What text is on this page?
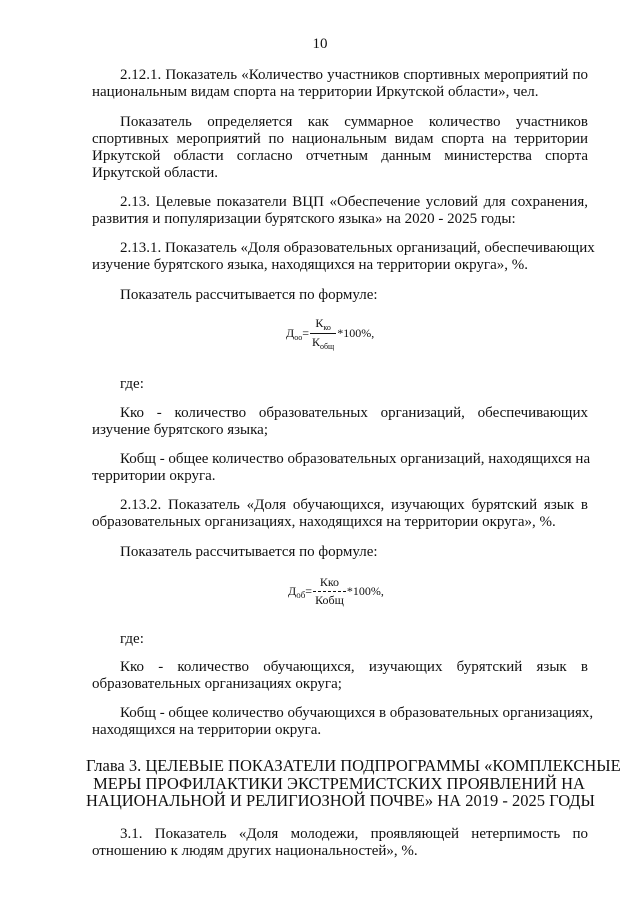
10
2.12.1. Показатель «Количество участников спортивных мероприятий по
национальным видам спорта на территории Иркутской области», чел.
Показатель определяется как суммарное количество участников
спортивных мероприятий по национальным видам спорта на территории
Иркутской области согласно отчетным данным министерства спорта
Иркутской области.
2.13. Целевые показатели ВЦП «Обеспечение условий для сохранения,
развития и популяризации бурятского языка» на 2020 - 2025 годы:
2.13.1. Показатель «Доля образовательных организаций, обеспечивающих
изучение бурятского языка, находящихся на территории округа», %.
Показатель рассчитывается по формуле:
$Д_{оо}= \frac{К_{ко}}{К_{общ}} *100\%$,
где:
Кко - количество образовательных организаций, обеспечивающих
изучение бурятского языка;
Кобщ - общее количество образовательных организаций, находящихся на
территории округа.
2.13.2. Показатель «Доля обучающихся, изучающих бурятский язык в
образовательных организациях, находящихся на территории округа», %.
Показатель рассчитывается по формуле:
$Д_{об}= \frac{\text{Кко}}{\text{Кобщ}} *100\%$,
где:
Кко - количество обучающихся, изучающих бурятский язык в
образовательных организациях округа;
Кобщ - общее количество обучающихся в образовательных организациях,
находящихся на территории округа.
Глава 3. ЦЕЛЕВЫЕ ПОКАЗАТЕЛИ ПОДПРОГРАММЫ «КОМПЛЕКСНЫЕ
МЕРЫ ПРОФИЛАКТИКИ ЭКСТРЕМИСТСКИХ ПРОЯВЛЕНИЙ НА
НАЦИОНАЛЬНОЙ И РЕЛИГИОЗНОЙ ПОЧВЕ» НА 2019 - 2025 ГОДЫ
3.1. Показатель «Доля молодежи, проявляющей нетерпимость по
отношению к людям других национальностей», %.
